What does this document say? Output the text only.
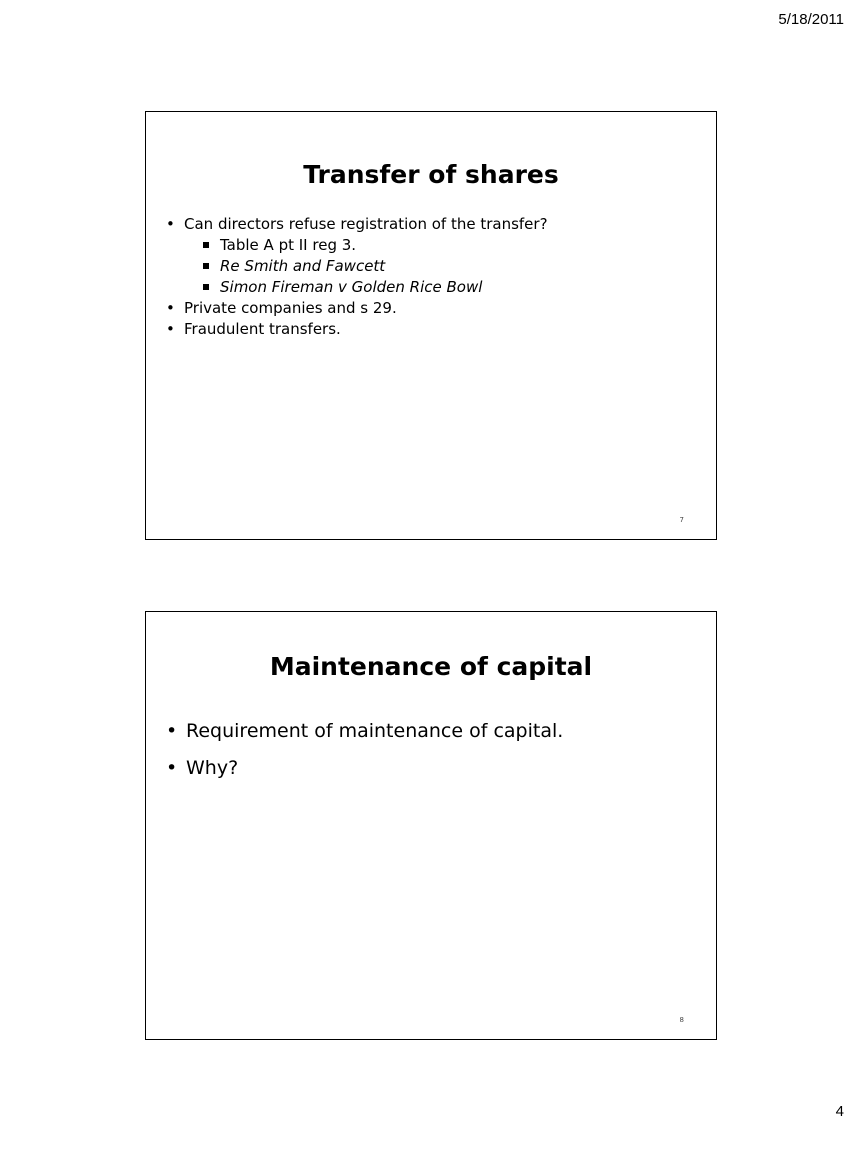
5/18/2011
Transfer of shares
• Can directors refuse registration of the transfer?
Table A pt II reg 3.
Re Smith and Fawcett
Simon Fireman v Golden Rice Bowl
• Private companies and s 29.
• Fraudulent transfers.
7
Maintenance of capital
• Requirement of maintenance of capital.
• Why?
8
4
